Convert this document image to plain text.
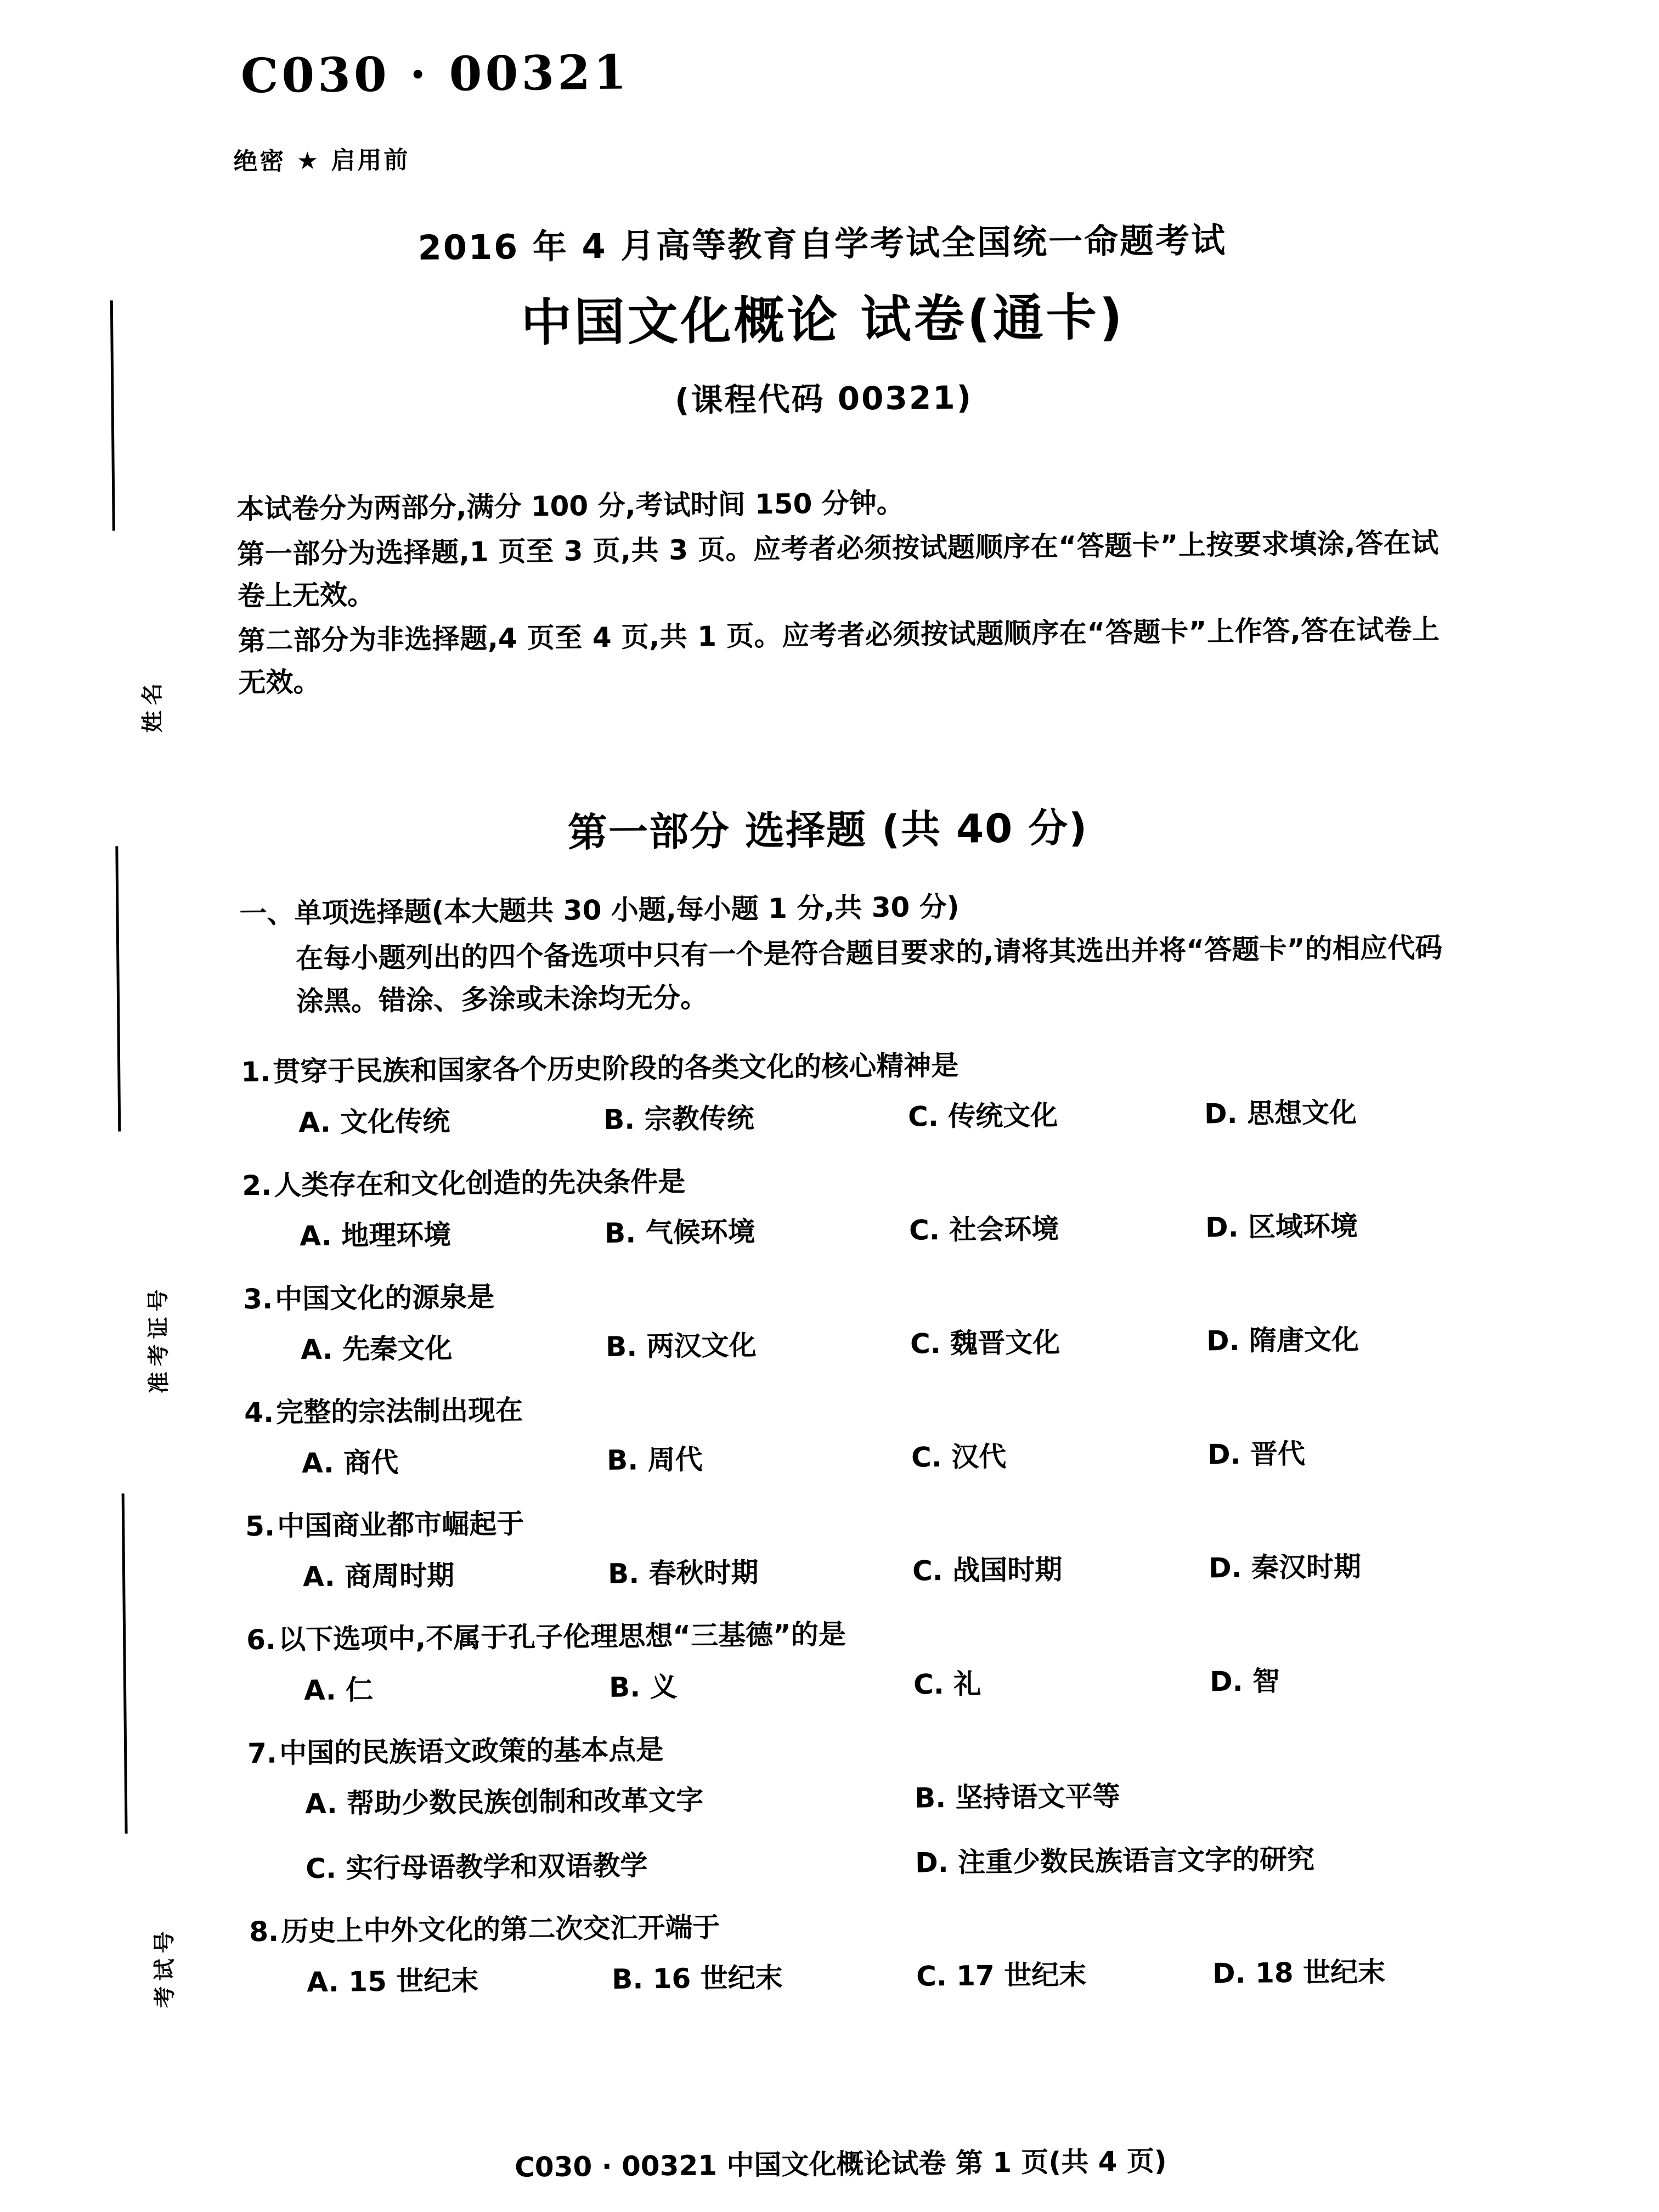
姓名
准考证号
考试号
C030 · 00321
绝密 ★ 启用前
2016 年 4 月高等教育自学考试全国统一命题考试
中国文化概论 试卷(通卡)
(课程代码 00321)

本试卷分为两部分,满分 100 分,考试时间 150 分钟。

第一部分为选择题,1 页至 3 页,共 3 页。应考者必须按试题顺序在“答题卡”上按要求填涂,答在试卷上无效。

第二部分为非选择题,4 页至 4 页,共 1 页。应考者必须按试题顺序在“答题卡”上作答,答在试卷上无效。

第一部分 选择题 (共 40 分)
一、单项选择题(本大题共 30 小题,每小题 1 分,共 30 分)
在每小题列出的四个备选项中只有一个是符合题目要求的,请将其选出并将“答题卡”的相应代码涂黑。错涂、多涂或未涂均无分。
1.贯穿于民族和国家各个历史阶段的各类文化的核心精神是
A. 文化传统	B. 宗教传统	C. 传统文化	D. 思想文化
2.人类存在和文化创造的先决条件是
A. 地理环境	B. 气候环境	C. 社会环境	D. 区域环境
3.中国文化的源泉是
A. 先秦文化	B. 两汉文化	C. 魏晋文化	D. 隋唐文化
4.完整的宗法制出现在
A. 商代	B. 周代	C. 汉代	D. 晋代
5.中国商业都市崛起于
A. 商周时期	B. 春秋时期	C. 战国时期	D. 秦汉时期
6.以下选项中,不属于孔子伦理思想“三基德”的是
A. 仁	B. 义	C. 礼	D. 智
7.中国的民族语文政策的基本点是
A. 帮助少数民族创制和改革文字	B. 坚持语文平等
C. 实行母语教学和双语教学	D. 注重少数民族语言文字的研究
8.历史上中外文化的第二次交汇开端于
A. 15 世纪末	B. 16 世纪末	C. 17 世纪末	D. 18 世纪末
C030 · 00321 中国文化概论试卷 第 1 页(共 4 页)
